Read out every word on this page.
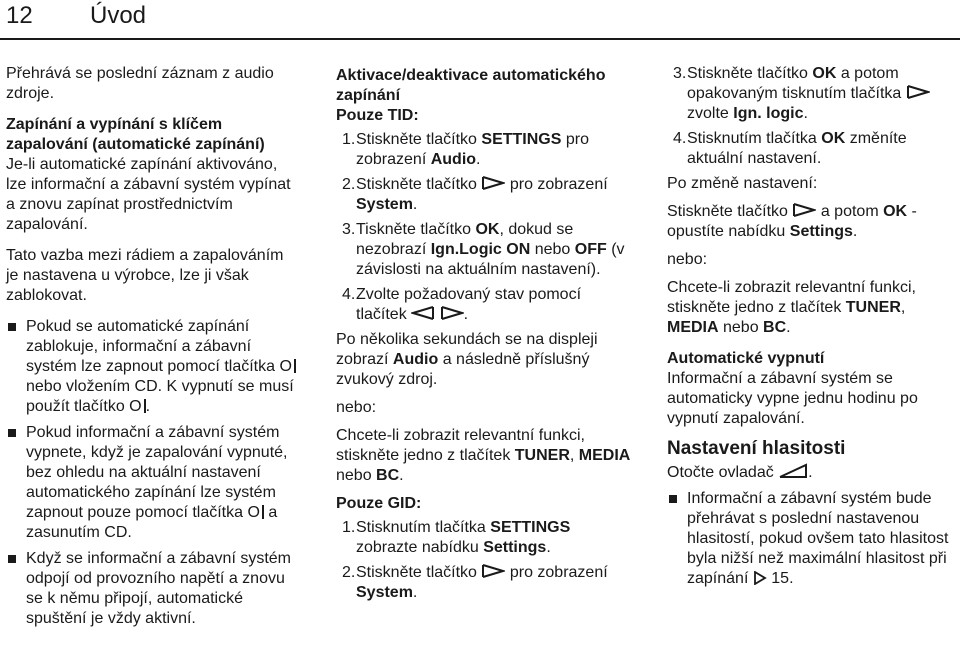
12 Úvod

Přehrává se poslední záznam z audio zdroje.

Zapínání a vypínání s klíčem zapalování (automatické zapínání)

Je-li automatické zapínání aktivováno, lze informační a zábavní systém vypínat a znovu zapínat prostřednictvím zapalování.

Tato vazba mezi rádiem a zapalováním je nastavena u výrobce, lze ji však zablokovat.

Pokud se automatické zapínání zablokuje, informační a zábavní systém lze zapnout pomocí tlačítka O nebo vložením CD. K vypnutí se musí použít tlačítko O .
Pokud informační a zábavní systém vypnete, když je zapalování vypnuté, bez ohledu na aktuální nastavení automatického zapínání lze systém zapnout pouze pomocí tlačítka O a zasunutím CD.
Když se informační a zábavní systém odpojí od provozního napětí a znovu se k němu připojí, automatické spuštění je vždy aktivní.

Aktivace/deaktivace automatického zapínání

Pouze TID:

1. Stiskněte tlačítko SETTINGS pro zobrazení Audio.
2. Stiskněte tlačítko  pro zobrazení System.
3. Tiskněte tlačítko OK, dokud se nezobrazí Ign.Logic ON nebo OFF (v závislosti na aktuálním nastavení).
4. Zvolte požadovaný stav pomocí tlačítek	.

Po několika sekundách se na displeji zobrazí Audio a následně příslušný zvukový zdroj.

nebo:

Chcete-li zobrazit relevantní funkci, stiskněte jedno z tlačítek TUNER, MEDIA nebo BC.

Pouze GID:

1. Stisknutím tlačítka SETTINGS zobrazte nabídku Settings.
2. Stiskněte tlačítko  pro zobrazení System.
3. Stiskněte tlačítko OK a potom opakovaným tisknutím tlačítka  zvolte Ign. logic.
4. Stisknutím tlačítka OK změníte aktuální nastavení.

Po změně nastavení:

Stiskněte tlačítko  a potom OK - opustíte nabídku Settings.

nebo:

Chcete-li zobrazit relevantní funkci, stiskněte jedno z tlačítek TUNER, MEDIA nebo BC.

Automatické vypnutí

Informační a zábavní systém se automaticky vypne jednu hodinu po vypnutí zapalování.

Nastavení hlasitosti

Otočte ovladač .

Informační a zábavní systém bude přehrávat s poslední nastavenou hlasitostí, pokud ovšem tato hlasitost byla nižší než maximální hlasitost při zapínání  15.
